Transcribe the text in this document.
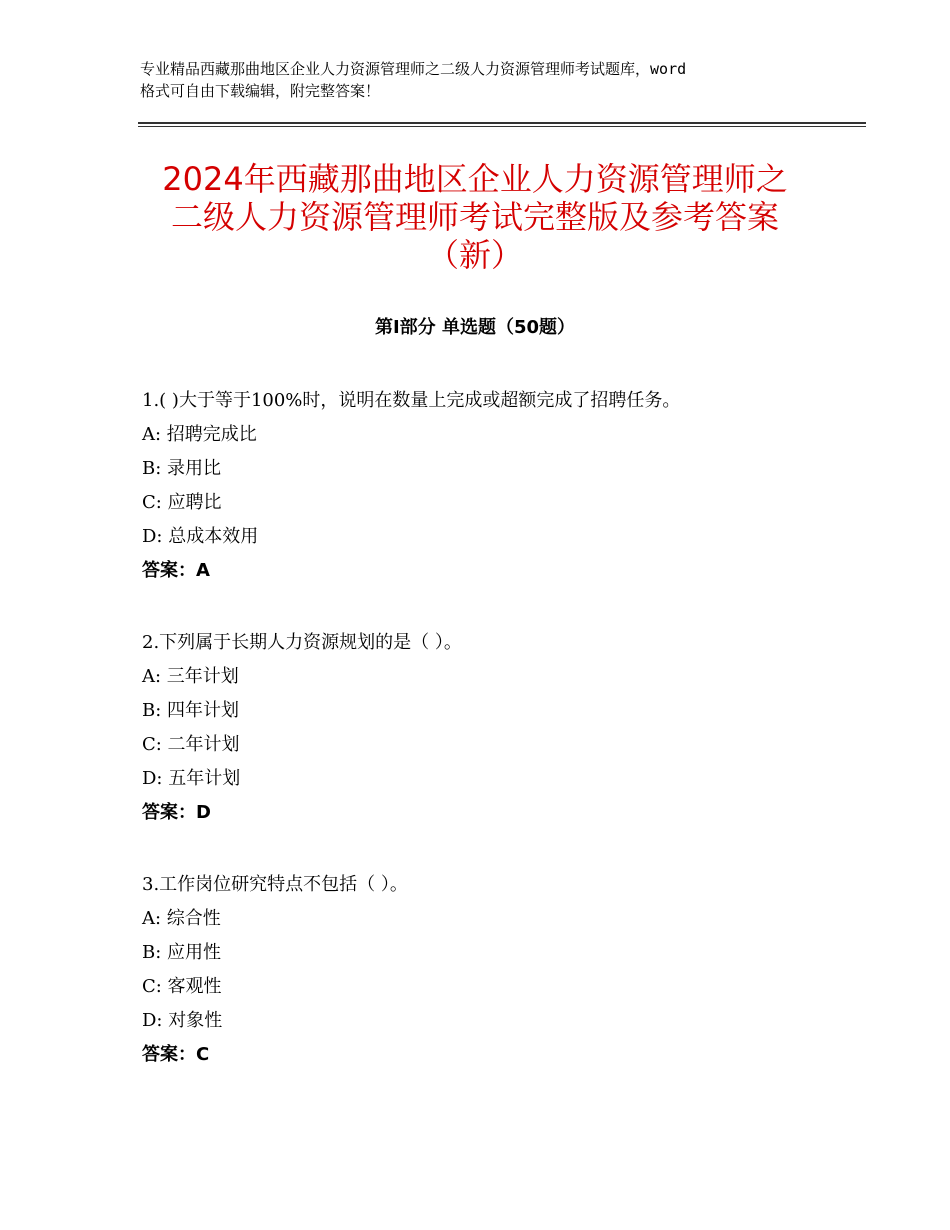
专业精品西藏那曲地区企业人力资源管理师之二级人力资源管理师考试题库，word
格式可自由下载编辑，附完整答案！
2024年西藏那曲地区企业人力资源管理师之
二级人力资源管理师考试完整版及参考答案
（新）
第Ⅰ部分 单选题（50题）
1.( )大于等于100%时，说明在数量上完成或超额完成了招聘任务。
A: 招聘完成比
B: 录用比
C: 应聘比
D: 总成本效用
答案：A
2.下列属于长期人力资源规划的是（ ）。
A: 三年计划
B: 四年计划
C: 二年计划
D: 五年计划
答案：D
3.工作岗位研究特点不包括（ ）。
A: 综合性
B: 应用性
C: 客观性
D: 对象性
答案：C
